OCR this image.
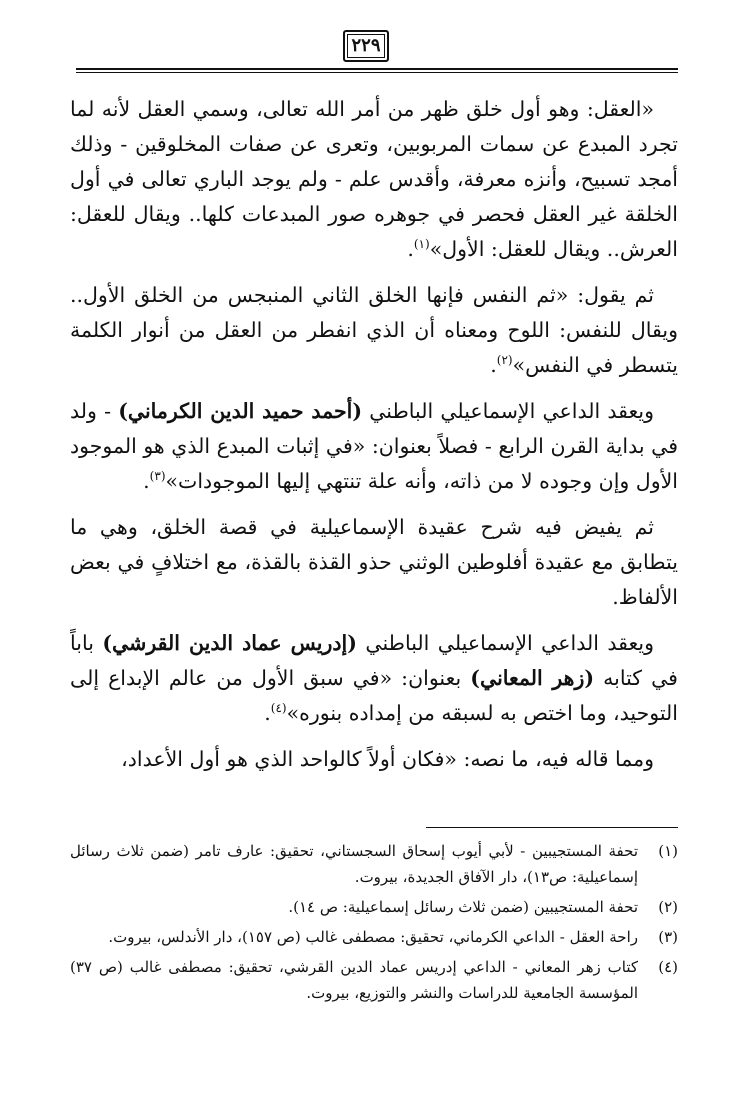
٢٢٩

«العقل: وهو أول خلق ظهر من أمر الله تعالى، وسمي العقل لأنه لما تجرد المبدع عن سمات المربوبين، وتعرى عن صفات المخلوقين - وذلك أمجد تسبيح، وأنزه معرفة، وأقدس علم - ولم يوجد الباري تعالى في أول الخلقة غير العقل فحصر في جوهره صور المبدعات كلها.. ويقال للعقل: العرش.. ويقال للعقل: الأول»$^{(١)}$.

ثم يقول: «ثم النفس فإنها الخلق الثاني المنبجس من الخلق الأول.. ويقال للنفس: اللوح ومعناه أن الذي انفطر من العقل من أنوار الكلمة يتسطر في النفس»$^{(٢)}$.

ويعقد الداعي الإسماعيلي الباطني (أحمد حميد الدين الكرماني) - ولد في بداية القرن الرابع - فصلاً بعنوان: «في إثبات المبدع الذي هو الموجود الأول وإن وجوده لا من ذاته، وأنه علة تنتهي إليها الموجودات»$^{(٣)}$.

ثم يفيض فيه شرح عقيدة الإسماعيلية في قصة الخلق، وهي ما يتطابق مع عقيدة أفلوطين الوثني حذو القذة بالقذة، مع اختلافٍ في بعض الألفاظ.

ويعقد الداعي الإسماعيلي الباطني (إدريس عماد الدين القرشي) باباً في كتابه (زهر المعاني) بعنوان: «في سبق الأول من عالم الإبداع إلى التوحيد، وما اختص به لسبقه من إمداده بنوره»$^{(٤)}$.

ومما قاله فيه، ما نصه: «فكان أولاً كالواحد الذي هو أول الأعداد،

(١)
تحفة المستجيبين - لأبي أيوب إسحاق السجستاني، تحقيق: عارف تامر (ضمن ثلاث رسائل إسماعيلية: ص١٣)، دار الآفاق الجديدة، بيروت.
(٢)
تحفة المستجيبين (ضمن ثلاث رسائل إسماعيلية: ص ١٤).
(٣)
راحة العقل - الداعي الكرماني، تحقيق: مصطفى غالب (ص ١٥٧)، دار الأندلس، بيروت.
(٤)
كتاب زهر المعاني - الداعي إدريس عماد الدين القرشي، تحقيق: مصطفى غالب (ص ٣٧) المؤسسة الجامعية للدراسات والنشر والتوزيع، بيروت.
